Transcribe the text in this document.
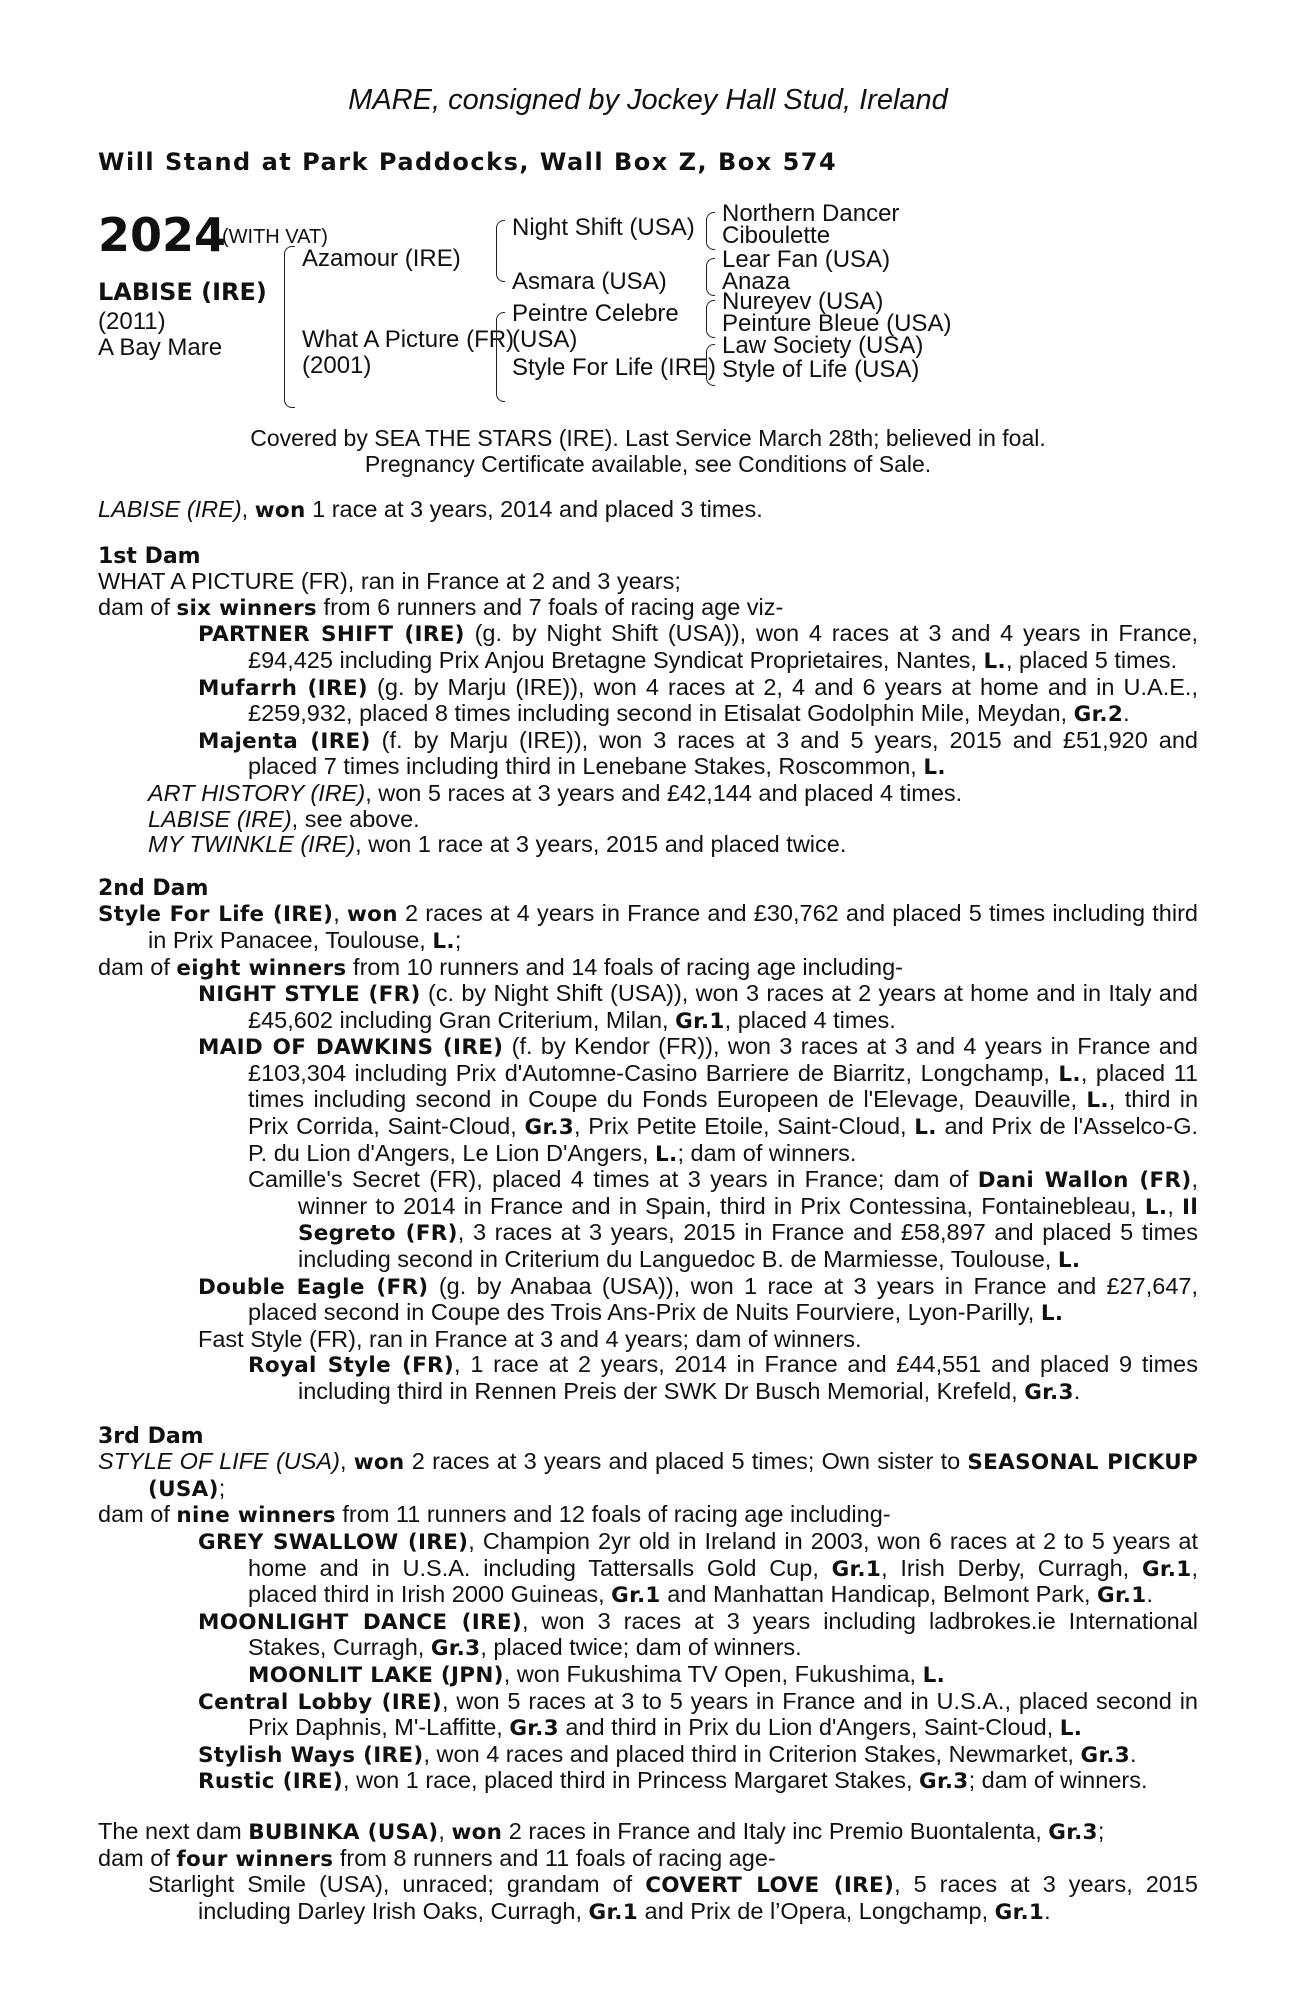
MARE, consigned by Jockey Hall Stud, Ireland
Will Stand at Park Paddocks, Wall Box Z, Box 574
2024
(WITH VAT)
LABISE (IRE)
(2011)
A Bay Mare
Azamour (IRE)
What A Picture (FR)
(2001)
Night Shift (USA)
Asmara (USA)
Peintre Celebre
(USA)
Style For Life (IRE)
Northern Dancer
Ciboulette
Lear Fan (USA)
Anaza
Nureyev (USA)
Peinture Bleue (USA)
Law Society (USA)
Style of Life (USA)
Covered by SEA THE STARS (IRE). Last Service March 28th; believed in foal.
Pregnancy Certificate available, see Conditions of Sale.

LABISE (IRE), won 1 race at 3 years, 2014 and placed 3 times.

1st Dam

WHAT A PICTURE (FR), ran in France at 2 and 3 years;

dam of six winners from 6 runners and 7 foals of racing age viz-

PARTNER SHIFT (IRE) (g. by Night Shift (USA)), won 4 races at 3 and 4 years in France, £94,425 including Prix Anjou Bretagne Syndicat Proprietaires, Nantes, L., placed 5 times.

Mufarrh (IRE) (g. by Marju (IRE)), won 4 races at 2, 4 and 6 years at home and in U.A.E., £259,932, placed 8 times including second in Etisalat Godolphin Mile, Meydan, Gr.2.

Majenta (IRE) (f. by Marju (IRE)), won 3 races at 3 and 5 years, 2015 and £51,920 and placed 7 times including third in Lenebane Stakes, Roscommon, L.

ART HISTORY (IRE), won 5 races at 3 years and £42,144 and placed 4 times.

LABISE (IRE), see above.

MY TWINKLE (IRE), won 1 race at 3 years, 2015 and placed twice.

2nd Dam

Style For Life (IRE), won 2 races at 4 years in France and £30,762 and placed 5 times including third in Prix Panacee, Toulouse, L.;

dam of eight winners from 10 runners and 14 foals of racing age including-

NIGHT STYLE (FR) (c. by Night Shift (USA)), won 3 races at 2 years at home and in Italy and £45,602 including Gran Criterium, Milan, Gr.1, placed 4 times.

MAID OF DAWKINS (IRE) (f. by Kendor (FR)), won 3 races at 3 and 4 years in France and £103,304 including Prix d'Automne-Casino Barriere de Biarritz, Longchamp, L., placed 11 times including second in Coupe du Fonds Europeen de l'Elevage, Deauville, L., third in Prix Corrida, Saint-Cloud, Gr.3, Prix Petite Etoile, Saint-Cloud, L. and Prix de l'Asselco-G. P. du Lion d'Angers, Le Lion D'Angers, L.; dam of winners.

Camille's Secret (FR), placed 4 times at 3 years in France; dam of Dani Wallon (FR), winner to 2014 in France and in Spain, third in Prix Contessina, Fontainebleau, L., Il Segreto (FR), 3 races at 3 years, 2015 in France and £58,897 and placed 5 times including second in Criterium du Languedoc B. de Marmiesse, Toulouse, L.

Double Eagle (FR) (g. by Anabaa (USA)), won 1 race at 3 years in France and £27,647, placed second in Coupe des Trois Ans-Prix de Nuits Fourviere, Lyon-Parilly, L.

Fast Style (FR), ran in France at 3 and 4 years; dam of winners.

Royal Style (FR), 1 race at 2 years, 2014 in France and £44,551 and placed 9 times including third in Rennen Preis der SWK Dr Busch Memorial, Krefeld, Gr.3.

3rd Dam

STYLE OF LIFE (USA), won 2 races at 3 years and placed 5 times; Own sister to SEASONAL PICKUP (USA);

dam of nine winners from 11 runners and 12 foals of racing age including-

GREY SWALLOW (IRE), Champion 2yr old in Ireland in 2003, won 6 races at 2 to 5 years at home and in U.S.A. including Tattersalls Gold Cup, Gr.1, Irish Derby, Curragh, Gr.1, placed third in Irish 2000 Guineas, Gr.1 and Manhattan Handicap, Belmont Park, Gr.1.

MOONLIGHT DANCE (IRE), won 3 races at 3 years including ladbrokes.ie International Stakes, Curragh, Gr.3, placed twice; dam of winners.

MOONLIT LAKE (JPN), won Fukushima TV Open, Fukushima, L.

Central Lobby (IRE), won 5 races at 3 to 5 years in France and in U.S.A., placed second in Prix Daphnis, M'-Laffitte, Gr.3 and third in Prix du Lion d'Angers, Saint-Cloud, L.

Stylish Ways (IRE), won 4 races and placed third in Criterion Stakes, Newmarket, Gr.3.

Rustic (IRE), won 1 race, placed third in Princess Margaret Stakes, Gr.3; dam of winners.

The next dam BUBINKA (USA), won 2 races in France and Italy inc Premio Buontalenta, Gr.3;

dam of four winners from 8 runners and 11 foals of racing age-

Starlight Smile (USA), unraced; grandam of COVERT LOVE (IRE), 5 races at 3 years, 2015 including Darley Irish Oaks, Curragh, Gr.1 and Prix de l’Opera, Longchamp, Gr.1.
